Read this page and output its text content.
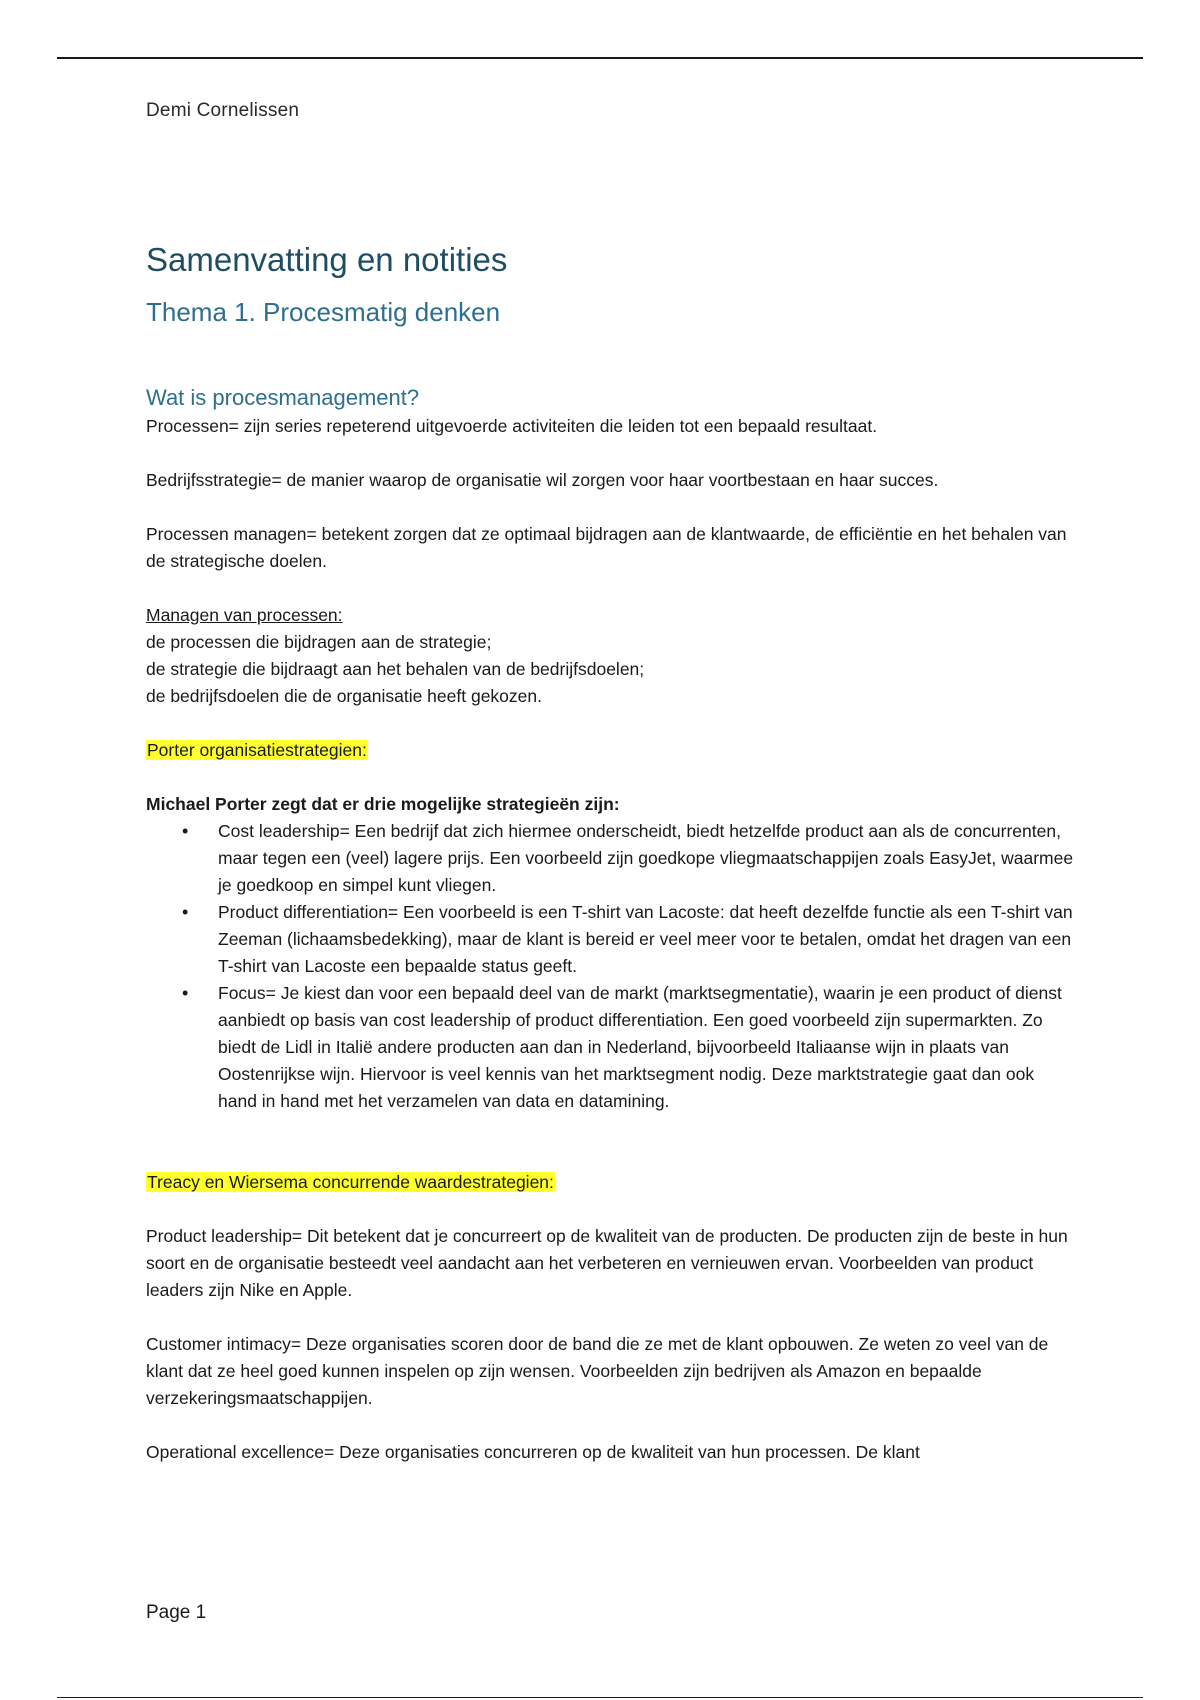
Demi Cornelissen
Samenvatting en notities
Thema 1. Procesmatig denken
Wat is procesmanagement?

Processen= zijn series repeterend uitgevoerde activiteiten die leiden tot een bepaald resultaat.

Bedrijfsstrategie= de manier waarop de organisatie wil zorgen voor haar voortbestaan en haar succes.

Processen managen= betekent zorgen dat ze optimaal bijdragen aan de klantwaarde, de efficiëntie en het behalen van de strategische doelen.

Managen van processen:

de processen die bijdragen aan de strategie;

de strategie die bijdraagt aan het behalen van de bedrijfsdoelen;

de bedrijfsdoelen die de organisatie heeft gekozen.

Porter organisatiestrategien:

Michael Porter zegt dat er drie mogelijke strategieën zijn:

• Cost leadership= Een bedrijf dat zich hiermee onderscheidt, biedt hetzelfde product aan als de concurrenten, maar tegen een (veel) lagere prijs. Een voorbeeld zijn goedkope vliegmaatschappijen zoals EasyJet, waarmee je goedkoop en simpel kunt vliegen.
• Product differentiation= Een voorbeeld is een T-shirt van Lacoste: dat heeft dezelfde functie als een T-shirt van Zeeman (lichaamsbedekking), maar de klant is bereid er veel meer voor te betalen, omdat het dragen van een T-shirt van Lacoste een bepaalde status geeft.
• Focus= Je kiest dan voor een bepaald deel van de markt (marktsegmentatie), waarin je een product of dienst aanbiedt op basis van cost leadership of product differentiation. Een goed voorbeeld zijn supermarkten. Zo biedt de Lidl in Italië andere producten aan dan in Nederland, bijvoorbeeld Italiaanse wijn in plaats van Oostenrijkse wijn. Hiervoor is veel kennis van het marktsegment nodig. Deze marktstrategie gaat dan ook hand in hand met het verzamelen van data en datamining.

Treacy en Wiersema concurrende waardestrategien:

Product leadership= Dit betekent dat je concurreert op de kwaliteit van de producten. De producten zijn de beste in hun soort en de organisatie besteedt veel aandacht aan het verbeteren en vernieuwen ervan. Voorbeelden van product leaders zijn Nike en Apple.

Customer intimacy= Deze organisaties scoren door de band die ze met de klant opbouwen. Ze weten zo veel van de klant dat ze heel goed kunnen inspelen op zijn wensen. Voorbeelden zijn bedrijven als Amazon en bepaalde verzekeringsmaatschappijen.

Operational excellence= Deze organisaties concurreren op de kwaliteit van hun processen. De klant

Page 1
